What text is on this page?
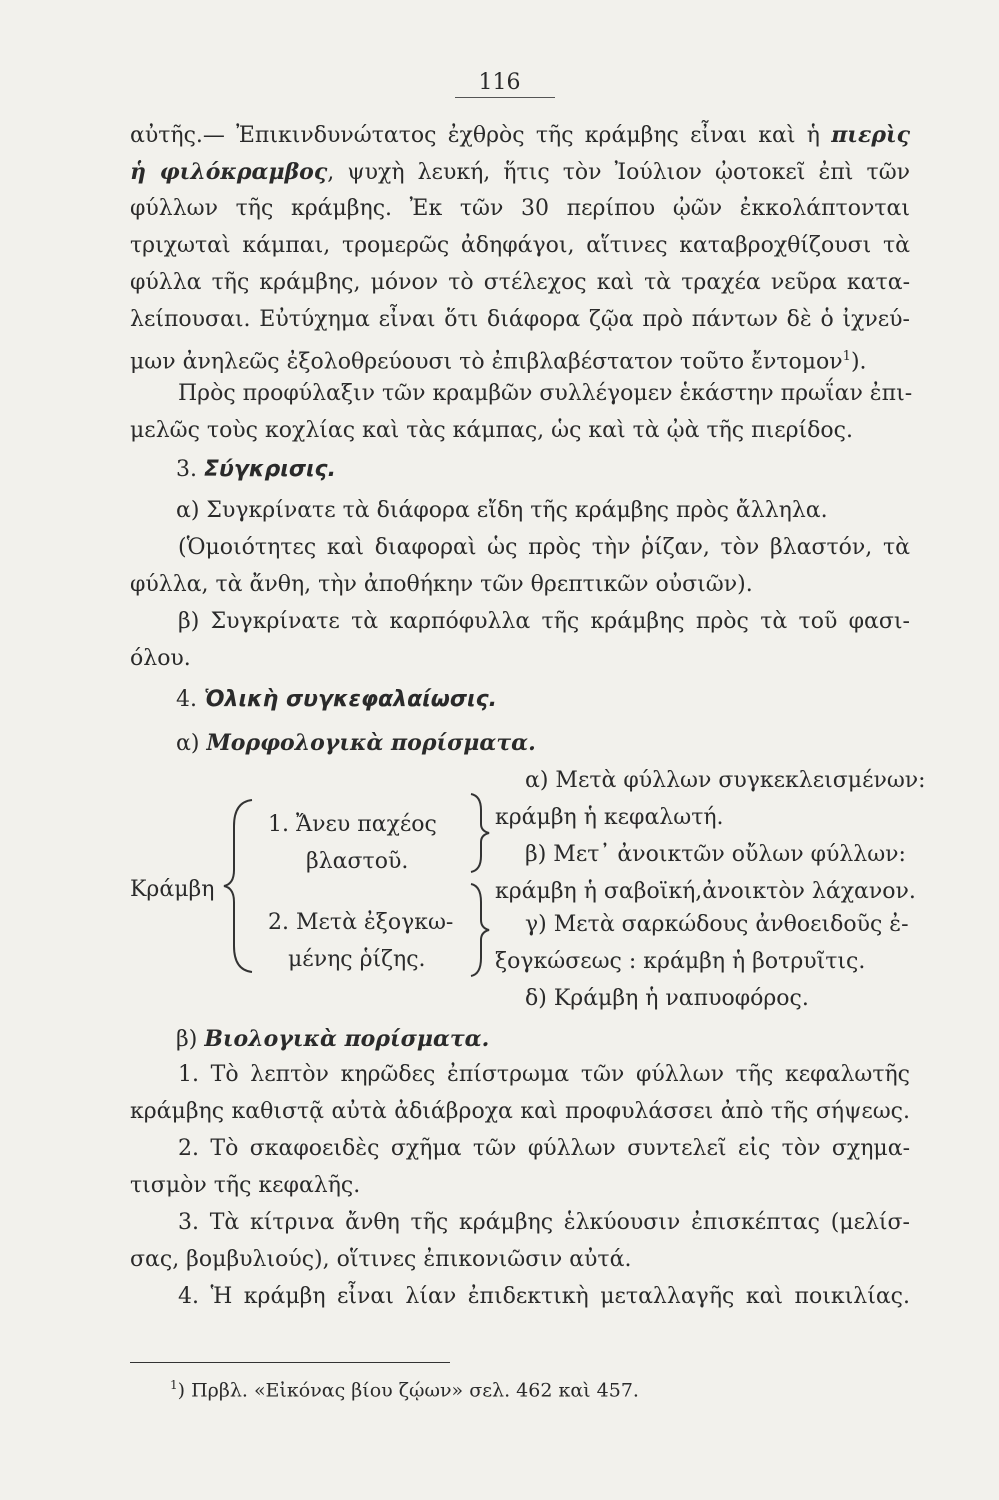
116
αὐτῆς.— Ἐπικινδυνώτατος ἐχθρὸς τῆς κράμβης εἶναι καὶ ἡ πιερὶς
ἡ φιλόκραμβος, ψυχὴ λευκή, ἥτις τὸν Ἰούλιον ᾠοτοκεῖ ἐπὶ τῶν
φύλλων τῆς κράμβης. Ἐκ τῶν 30 περίπου ᾠῶν ἐκκολάπτονται
τριχωταὶ κάμπαι, τρομερῶς ἀδηφάγοι, αἵτινες καταβροχθίζουσι τὰ
φύλλα τῆς κράμβης, μόνον τὸ στέλεχος καὶ τὰ τραχέα νεῦρα κατα-
λείπουσαι. Εὐτύχημα εἶναι ὅτι διάφορα ζῷα πρὸ πάντων δὲ ὁ ἰχνεύ-
μων ἀνηλεῶς ἐξολοθρεύουσι τὸ ἐπιβλαβέστατον τοῦτο ἔντομον$^1$).
Πρὸς προφύλαξιν τῶν κραμβῶν συλλέγομεν ἑκάστην πρωΐαν ἐπι-
μελῶς τοὺς κοχλίας καὶ τὰς κάμπας, ὡς καὶ τὰ ᾠὰ τῆς πιερίδος.
3. Σύγκρισις.
α) Συγκρίνατε τὰ διάφορα εἴδη τῆς κράμβης πρὸς ἄλληλα.
(Ὁμοιότητες καὶ διαφοραὶ ὡς πρὸς τὴν ῥίζαν, τὸν βλαστόν, τὰ
φύλλα, τὰ ἄνθη, τὴν ἀποθήκην τῶν θρεπτικῶν οὐσιῶν).
β) Συγκρίνατε τὰ καρπόφυλλα τῆς κράμβης πρὸς τὰ τοῦ φασι-
όλου.
4. Ὁλικὴ συγκεφαλαίωσις.
α) Μορφολογικὰ πορίσματα.
α) Μετὰ φύλλων συγκεκλεισμένων:
1. Ἄνευ παχέος	κράμβη ἡ κεφαλωτή.
β) Μετ᾽ ἀνοικτῶν οὔλων φύλλων:
βλαστοῦ.
Κράμβη	κράμβη ἡ σαβοϊκή,ἀνοικτὸν λάχανον.
2. Μετὰ ἐξογκω-	γ) Μετὰ σαρκώδους ἀνθοειδοῦς ἐ-
μένης ῥίζης.	ξογκώσεως : κράμβη ἡ βοτρυῖτις.
δ) Κράμβη ἡ ναπυοφόρος.
β) Βιολογικὰ πορίσματα.
1. Τὸ λεπτὸν κηρῶδες ἐπίστρωμα τῶν φύλλων τῆς κεφαλωτῆς
κράμβης καθιστᾷ αὐτὰ ἀδιάβροχα καὶ προφυλάσσει ἀπὸ τῆς σήψεως.
2. Τὸ σκαφοειδὲς σχῆμα τῶν φύλλων συντελεῖ εἰς τὸν σχημα-
τισμὸν τῆς κεφαλῆς.
3. Τὰ κίτρινα ἄνθη τῆς κράμβης ἑλκύουσιν ἐπισκέπτας (μελίσ-
σας, βομβυλιούς), οἵτινες ἐπικονιῶσιν αὐτά.
4. Ἡ κράμβη εἶναι λίαν ἐπιδεκτικὴ μεταλλαγῆς καὶ ποικιλίας.
$^1$) Πρβλ. «Εἰκόνας βίου ζῴων» σελ. 462 καὶ 457.
